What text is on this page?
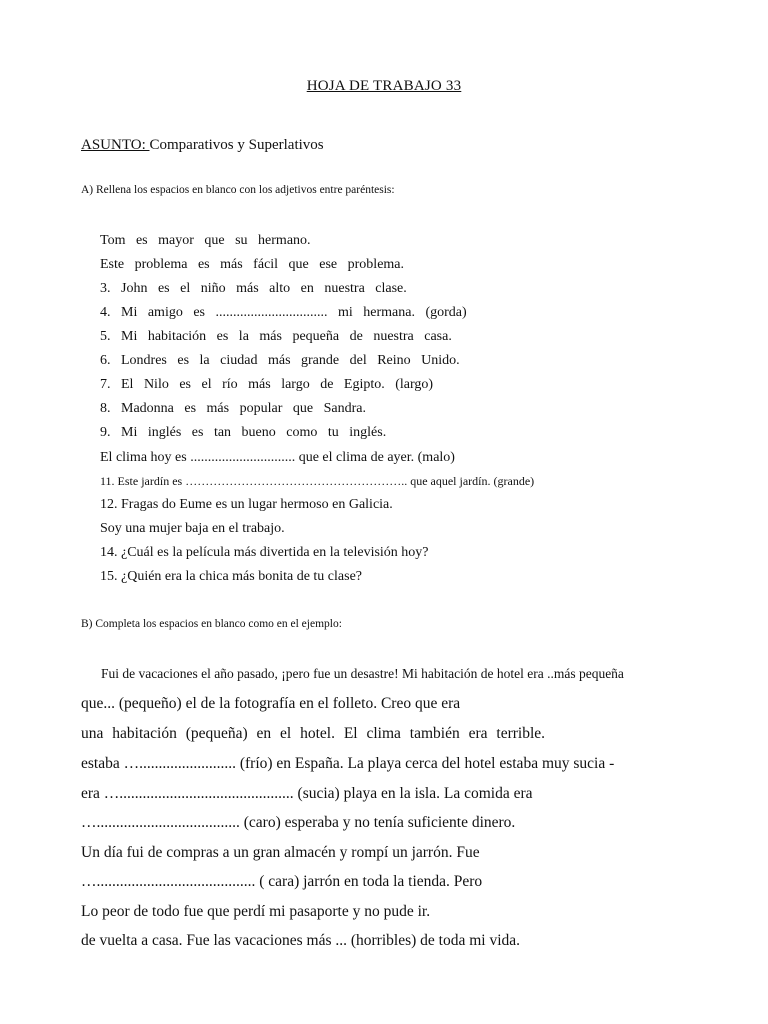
HOJA DE TRABAJO 33
ASUNTO: Comparativos y Superlativos
A) Rellena los espacios en blanco con los adjetivos entre paréntesis:
Tom es mayor que su hermano.
Este problema es más fácil que ese problema.
3. John es el niño más alto en nuestra clase.
4. Mi amigo es ................................ mi hermana. (gorda)
5. Mi habitación es la más pequeña de nuestra casa.
6. Londres es la ciudad más grande del Reino Unido.
7. El Nilo es el río más largo de Egipto. (largo)
8. Madonna es más popular que Sandra.
9. Mi inglés es tan bueno como tu inglés.
El clima hoy es .............................. que el clima de ayer. (malo)
11. Este jardín es ……………………………………………….. que aquel jardín. (grande)
12. Fragas do Eume es un lugar hermoso en Galicia.
Soy una mujer baja en el trabajo.
14. ¿Cuál es la película más divertida en la televisión hoy?
15. ¿Quién era la chica más bonita de tu clase?
B) Completa los espacios en blanco como en el ejemplo:
Fui de vacaciones el año pasado, ¡pero fue un desastre! Mi habitación de hotel era ..más pequeña
que... (pequeño) el de la fotografía en el folleto. Creo que era
una habitación (pequeña) en el hotel. El clima también era terrible.
estaba …......................... (frío) en España. La playa cerca del hotel estaba muy sucia -
era …............................................. (sucia) playa en la isla. La comida era
…..................................... (caro) esperaba y no tenía suficiente dinero.
Un día fui de compras a un gran almacén y rompí un jarrón. Fue
…......................................... ( cara) jarrón en toda la tienda. Pero
Lo peor de todo fue que perdí mi pasaporte y no pude ir.
de vuelta a casa. Fue las vacaciones más ... (horribles) de toda mi vida.
